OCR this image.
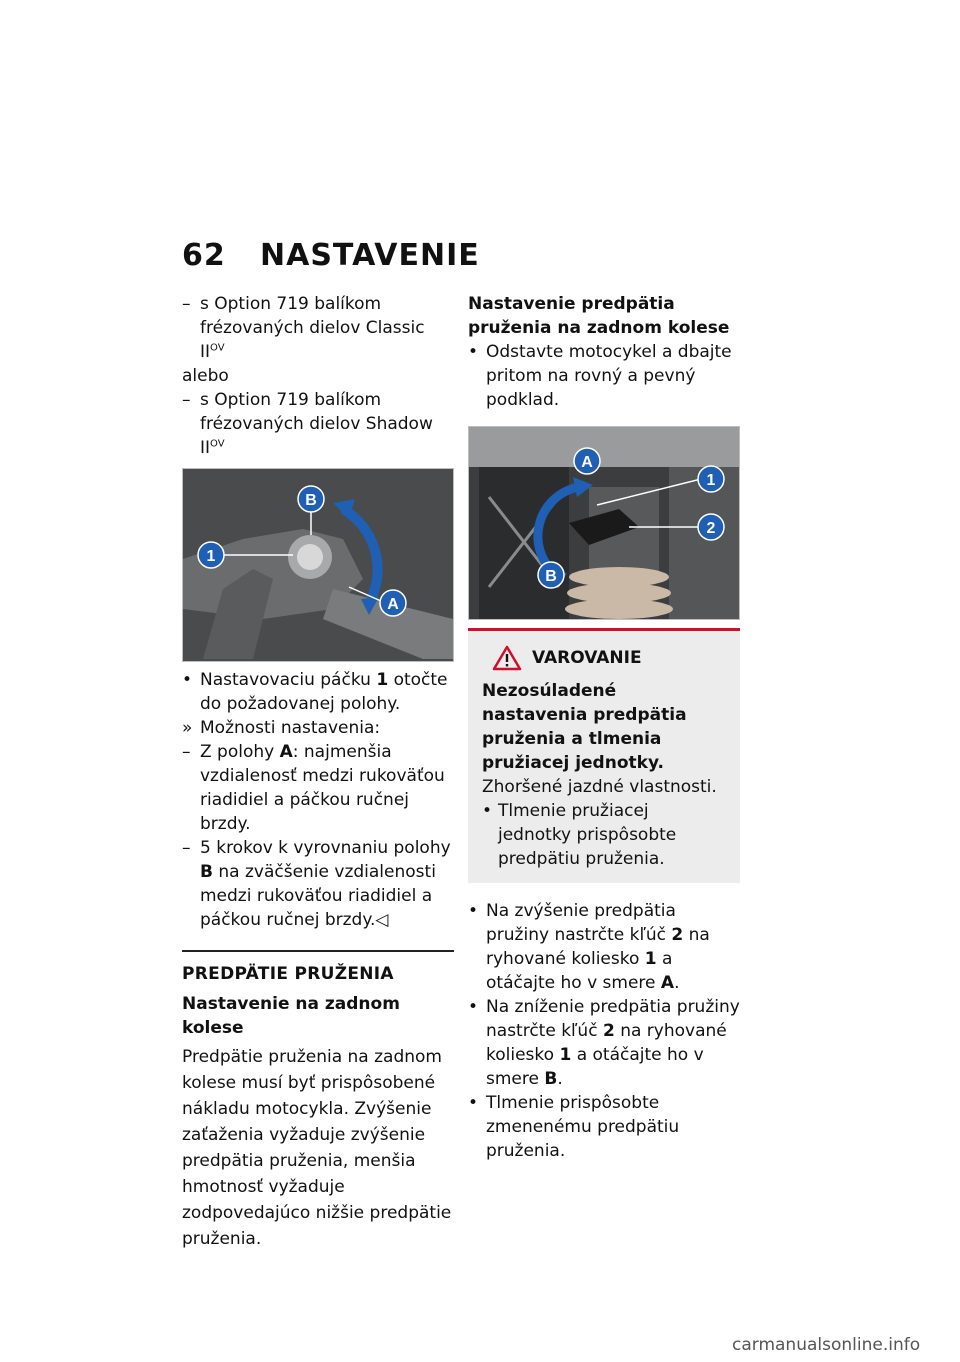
62 NASTAVENIE

– s Option 719 balíkom frézovaných dielov Classic $II^{OV}$

alebo

– s Option 719 balíkom frézovaných dielov Shadow $II^{OV}$

B
1
A

• Nastavovaciu páčku 1 otočte do požadovanej polohy.

» Možnosti nastavenia:

– Z polohy A: najmenšia vzdialenosť medzi rukoväťou riadidiel a páčkou ručnej brzdy.

– 5 krokov k vyrovnaniu polohy B na zväčšenie vzdialenosti medzi rukoväťou riadidiel a páčkou ručnej brzdy.◁

PREDPÄTIE PRUŽENIA

Nastavenie na zadnom kolese

Predpätie pruženia na zadnom kolese musí byť prispôsobené nákladu motocykla. Zvýšenie zaťaženia vyžaduje zvýšenie predpätia pruženia, menšia hmotnosť vyžaduje zodpovedajúco nižšie predpätie pruženia.

Nastavenie predpätia pruženia na zadnom kolese

• Odstavte motocykel a dbajte pritom na rovný a pevný podklad.

A
1
2
B
VAROVANIE

Nezosúladené nastavenia predpätia pruženia a tlmenia pružiacej jednotky.

Zhoršené jazdné vlastnosti.

• Tlmenie pružiacej jednotky prispôsobte predpätiu pruženia.

• Na zvýšenie predpätia pružiny nastrčte kľúč 2 na ryhované koliesko 1 a otáčajte ho v smere A.

• Na zníženie predpätia pružiny nastrčte kľúč 2 na ryhované koliesko 1 a otáčajte ho v smere B.

• Tlmenie prispôsobte zmenenému predpätiu pruženia.

carmanualsonline.info
